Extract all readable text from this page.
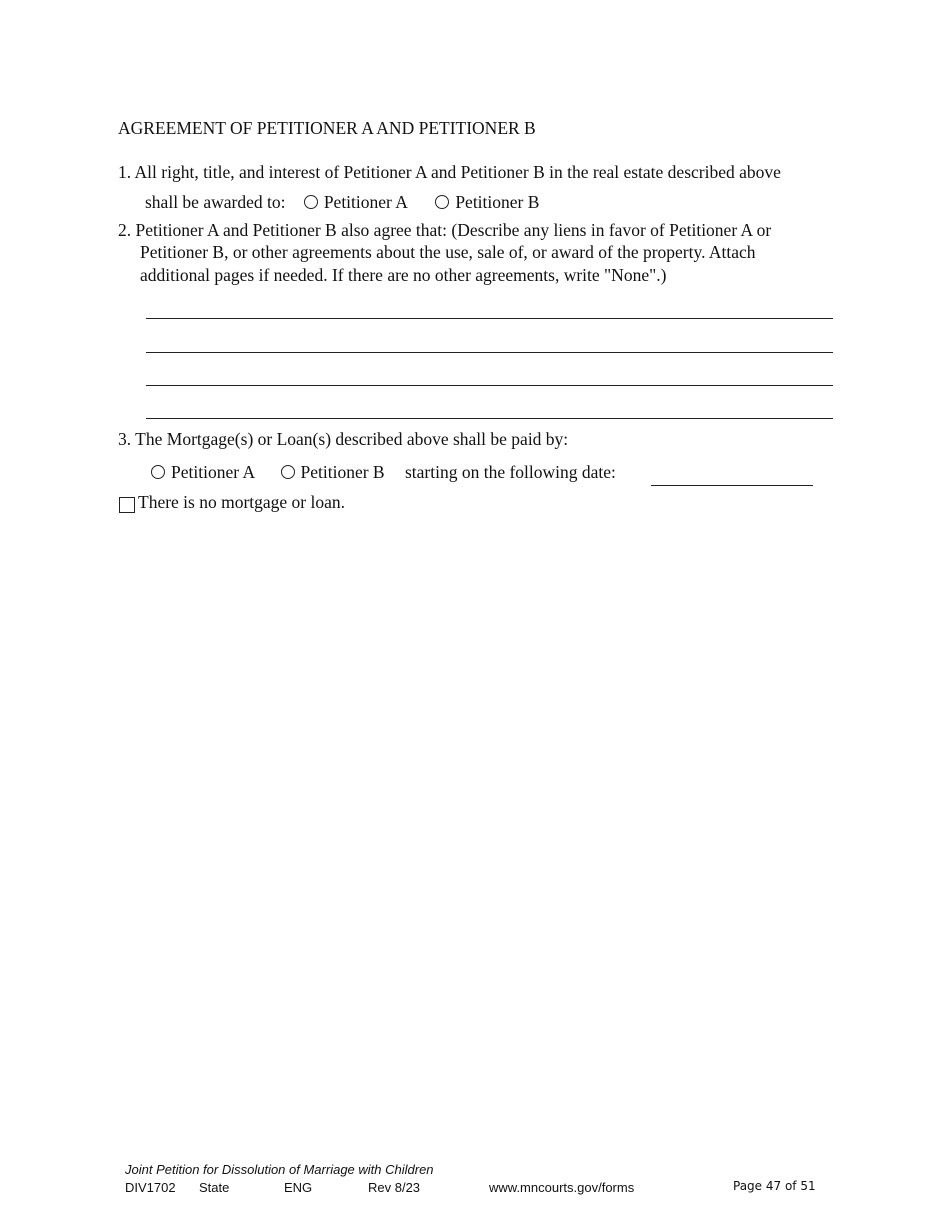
AGREEMENT OF PETITIONER A AND PETITIONER B
1. All right, title, and interest of Petitioner A and Petitioner B in the real estate described above
shall be awarded to: Petitioner A	Petitioner B
2. Petitioner A and Petitioner B also agree that: (Describe any liens in favor of Petitioner A or
Petitioner B, or other agreements about the use, sale of, or award of the property. Attach
additional pages if needed. If there are no other agreements, write "None".)
3. The Mortgage(s) or Loan(s) described above shall be paid by:
Petitioner A	Petitioner B starting on the following date:
There is no mortgage or loan.
Joint Petition for Dissolution of Marriage with Children
DIV1702 State	ENG	Rev 8/23	www.mncourts.gov/forms	Page 47 of 51
